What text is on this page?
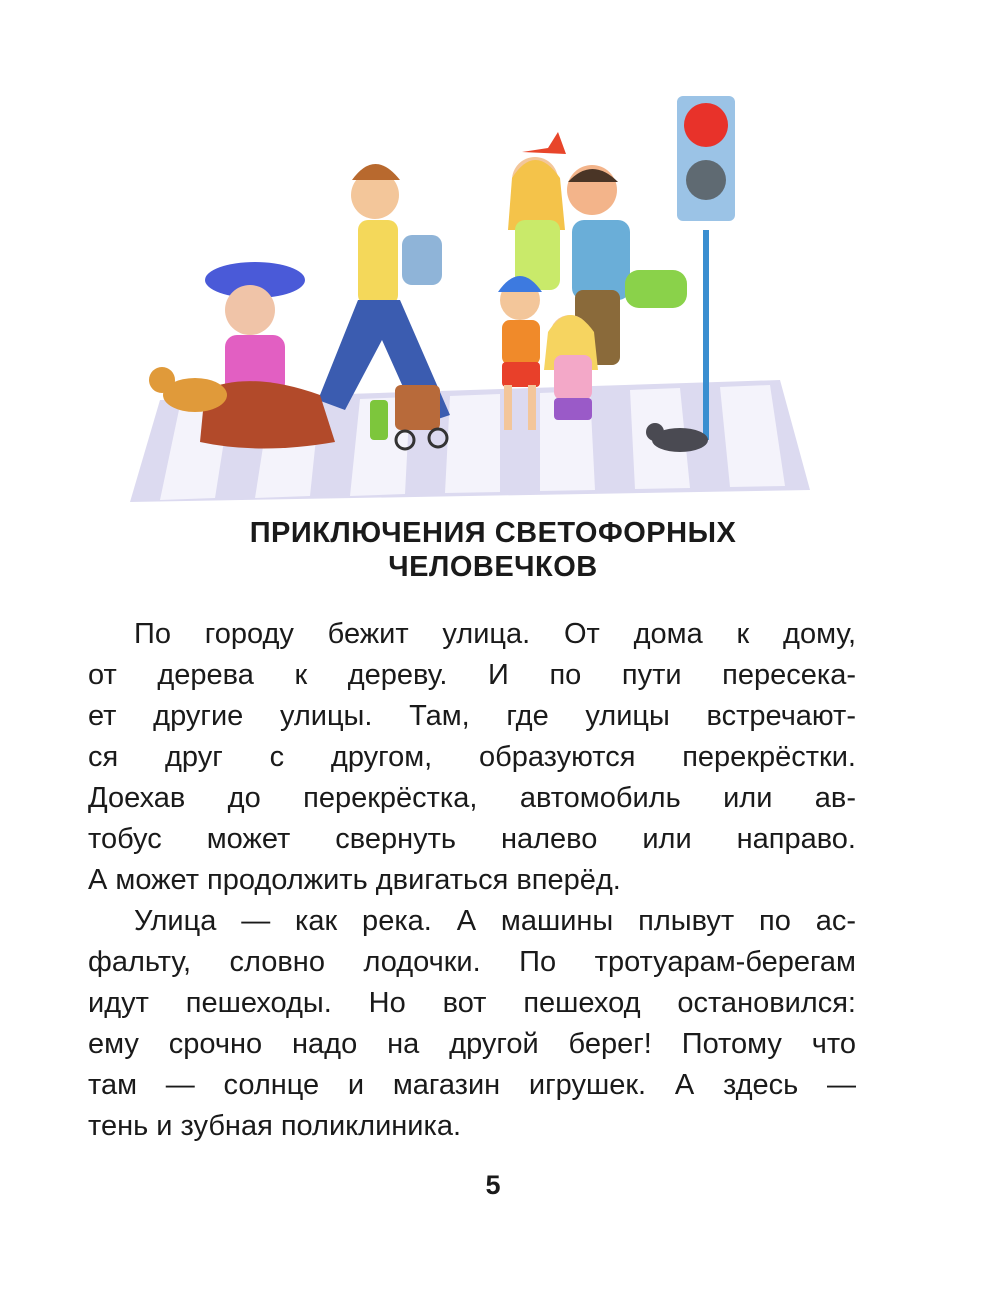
ПРИКЛЮЧЕНИЯ СВЕТОФОРНЫХ
ЧЕЛОВЕЧКОВ
По городу бежит улица. От дома к дому,
от дерева к дереву. И по пути пересека-
ет другие улицы. Там, где улицы встречают-
ся друг с другом, образуются перекрёстки.
Доехав до перекрёстка, автомобиль или ав-
тобус может свернуть налево или направо.
А может продолжить двигаться вперёд.
Улица — как река. А машины плывут по ас-
фальту, словно лодочки. По тротуарам-берегам
идут пешеходы. Но вот пешеход остановился:
ему срочно надо на другой берег! Потому что
там — солнце и магазин игрушек. А здесь —
тень и зубная поликлиника.
5
